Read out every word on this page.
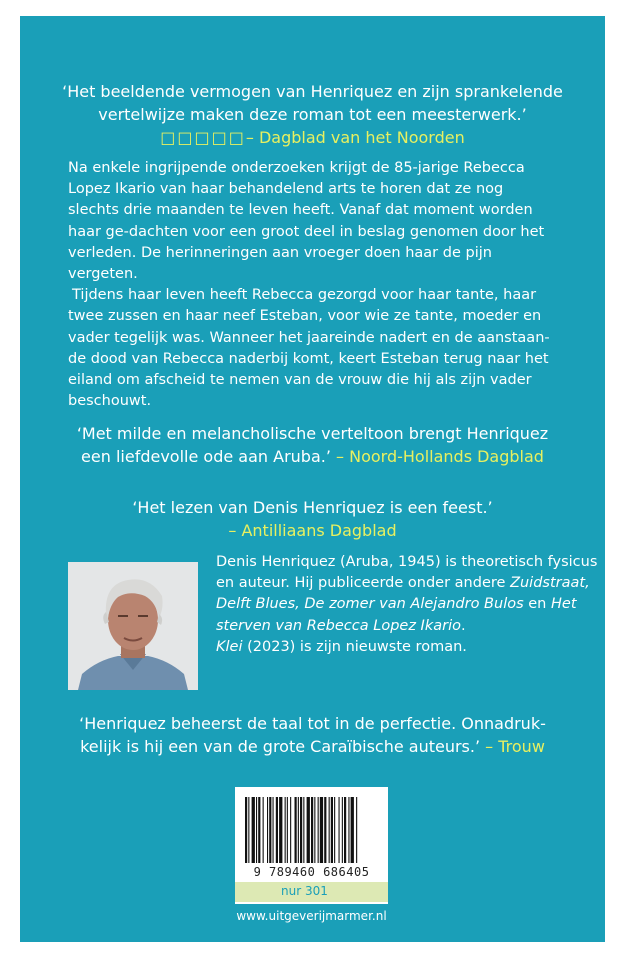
‘Het beeldende vermogen van Henriquez en zijn sprankelende
vertelwijze maken deze roman tot een meesterwerk.’
□□□□□– Dagblad van het Noorden

Na enkele ingrijpende onderzoeken krijgt de 85-jarige Rebecca Lopez Ikario van haar behandelend arts te horen dat ze nog slechts drie maanden te leven heeft. Vanaf dat moment worden haar ge-dachten voor een groot deel in beslag genomen door het verleden. De herinneringen aan vroeger doen haar de pijn vergeten.

Tijdens haar leven heeft Rebecca gezorgd voor haar tante, haar twee zussen en haar neef Esteban, voor wie ze tante, moeder en vader tegelijk was. Wanneer het jaareinde nadert en de aanstaan-de dood van Rebecca naderbij komt, keert Esteban terug naar het eiland om afscheid te nemen van de vrouw die hij als zijn vader beschouwt.

‘Met milde en melancholische verteltoon brengt Henriquez
een liefdevolle ode aan Aruba.’ – Noord-Hollands Dagblad
‘Het lezen van Denis Henriquez is een feest.’
– Antilliaans Dagblad
Denis Henriquez (Aruba, 1945) is theoretisch fysicus en auteur. Hij publiceerde onder andere Zuidstraat, Delft Blues, De zomer van Alejandro Bulos en Het sterven van Rebecca Lopez Ikario.
Klei (2023) is zijn nieuwste roman.
‘Henriquez beheerst de taal tot in de perfectie. Onnadruk-
kelijk is hij een van de grote Caraïbische auteurs.’ – Trouw
9 789460 686405
nur 301
www.uitgeverijmarmer.nl
